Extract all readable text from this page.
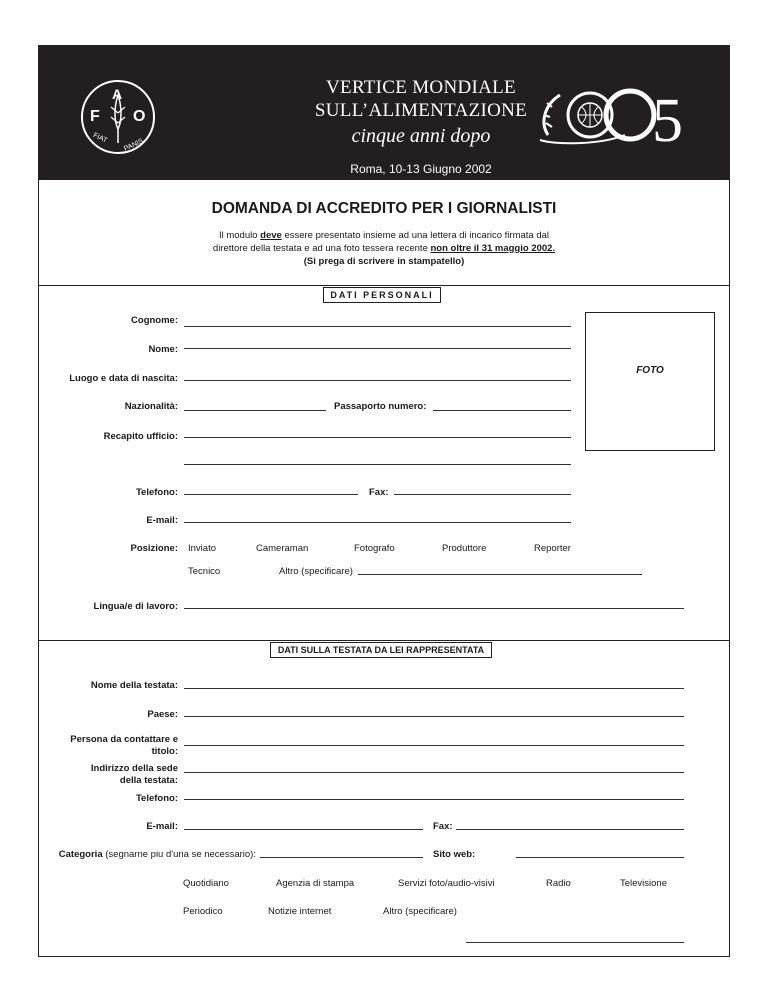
F
A
O
FIAT PANIS
VERTICE MONDIALE
SULL’ALIMENTAZIONE
cinque anni dopo
Roma, 10-13 Giugno 2002
5
DOMANDA DI ACCREDITO PER I GIORNALISTI
Il modulo deve essere presentato insieme ad una lettera di incarico firmata dal
direttore della testata e ad una foto tessera recente non oltre il 31 maggio 2002.
(Si prega di scrivere in stampatello)
DATI PERSONALI
Cognome:
Nome:
Luogo e data di nascita:
Nazionalità:	Passaporto numero:
Recapito ufficio:
Telefono:	Fax:
E-mail:
Posizione: Inviato	Cameraman	Fotografo	Produttore	Reporter
Tecnico	Altro (specificare)
Lingua/e di lavoro:
FOTO
DATI SULLA TESTATA DA LEI RAPPRESENTATA
Nome della testata:
Paese:
Persona da contattare e titolo:
Indirizzo della sede della testata:
Telefono:
E-mail:	Fax:
Categoria (segnarne piu d'una se necessario):	Sito web:
Quotidiano	Agenzia di stampa	Servizi foto/audio-visivi	Radio	Televisione
Periodico	Notizie internet	Altro (specificare)
